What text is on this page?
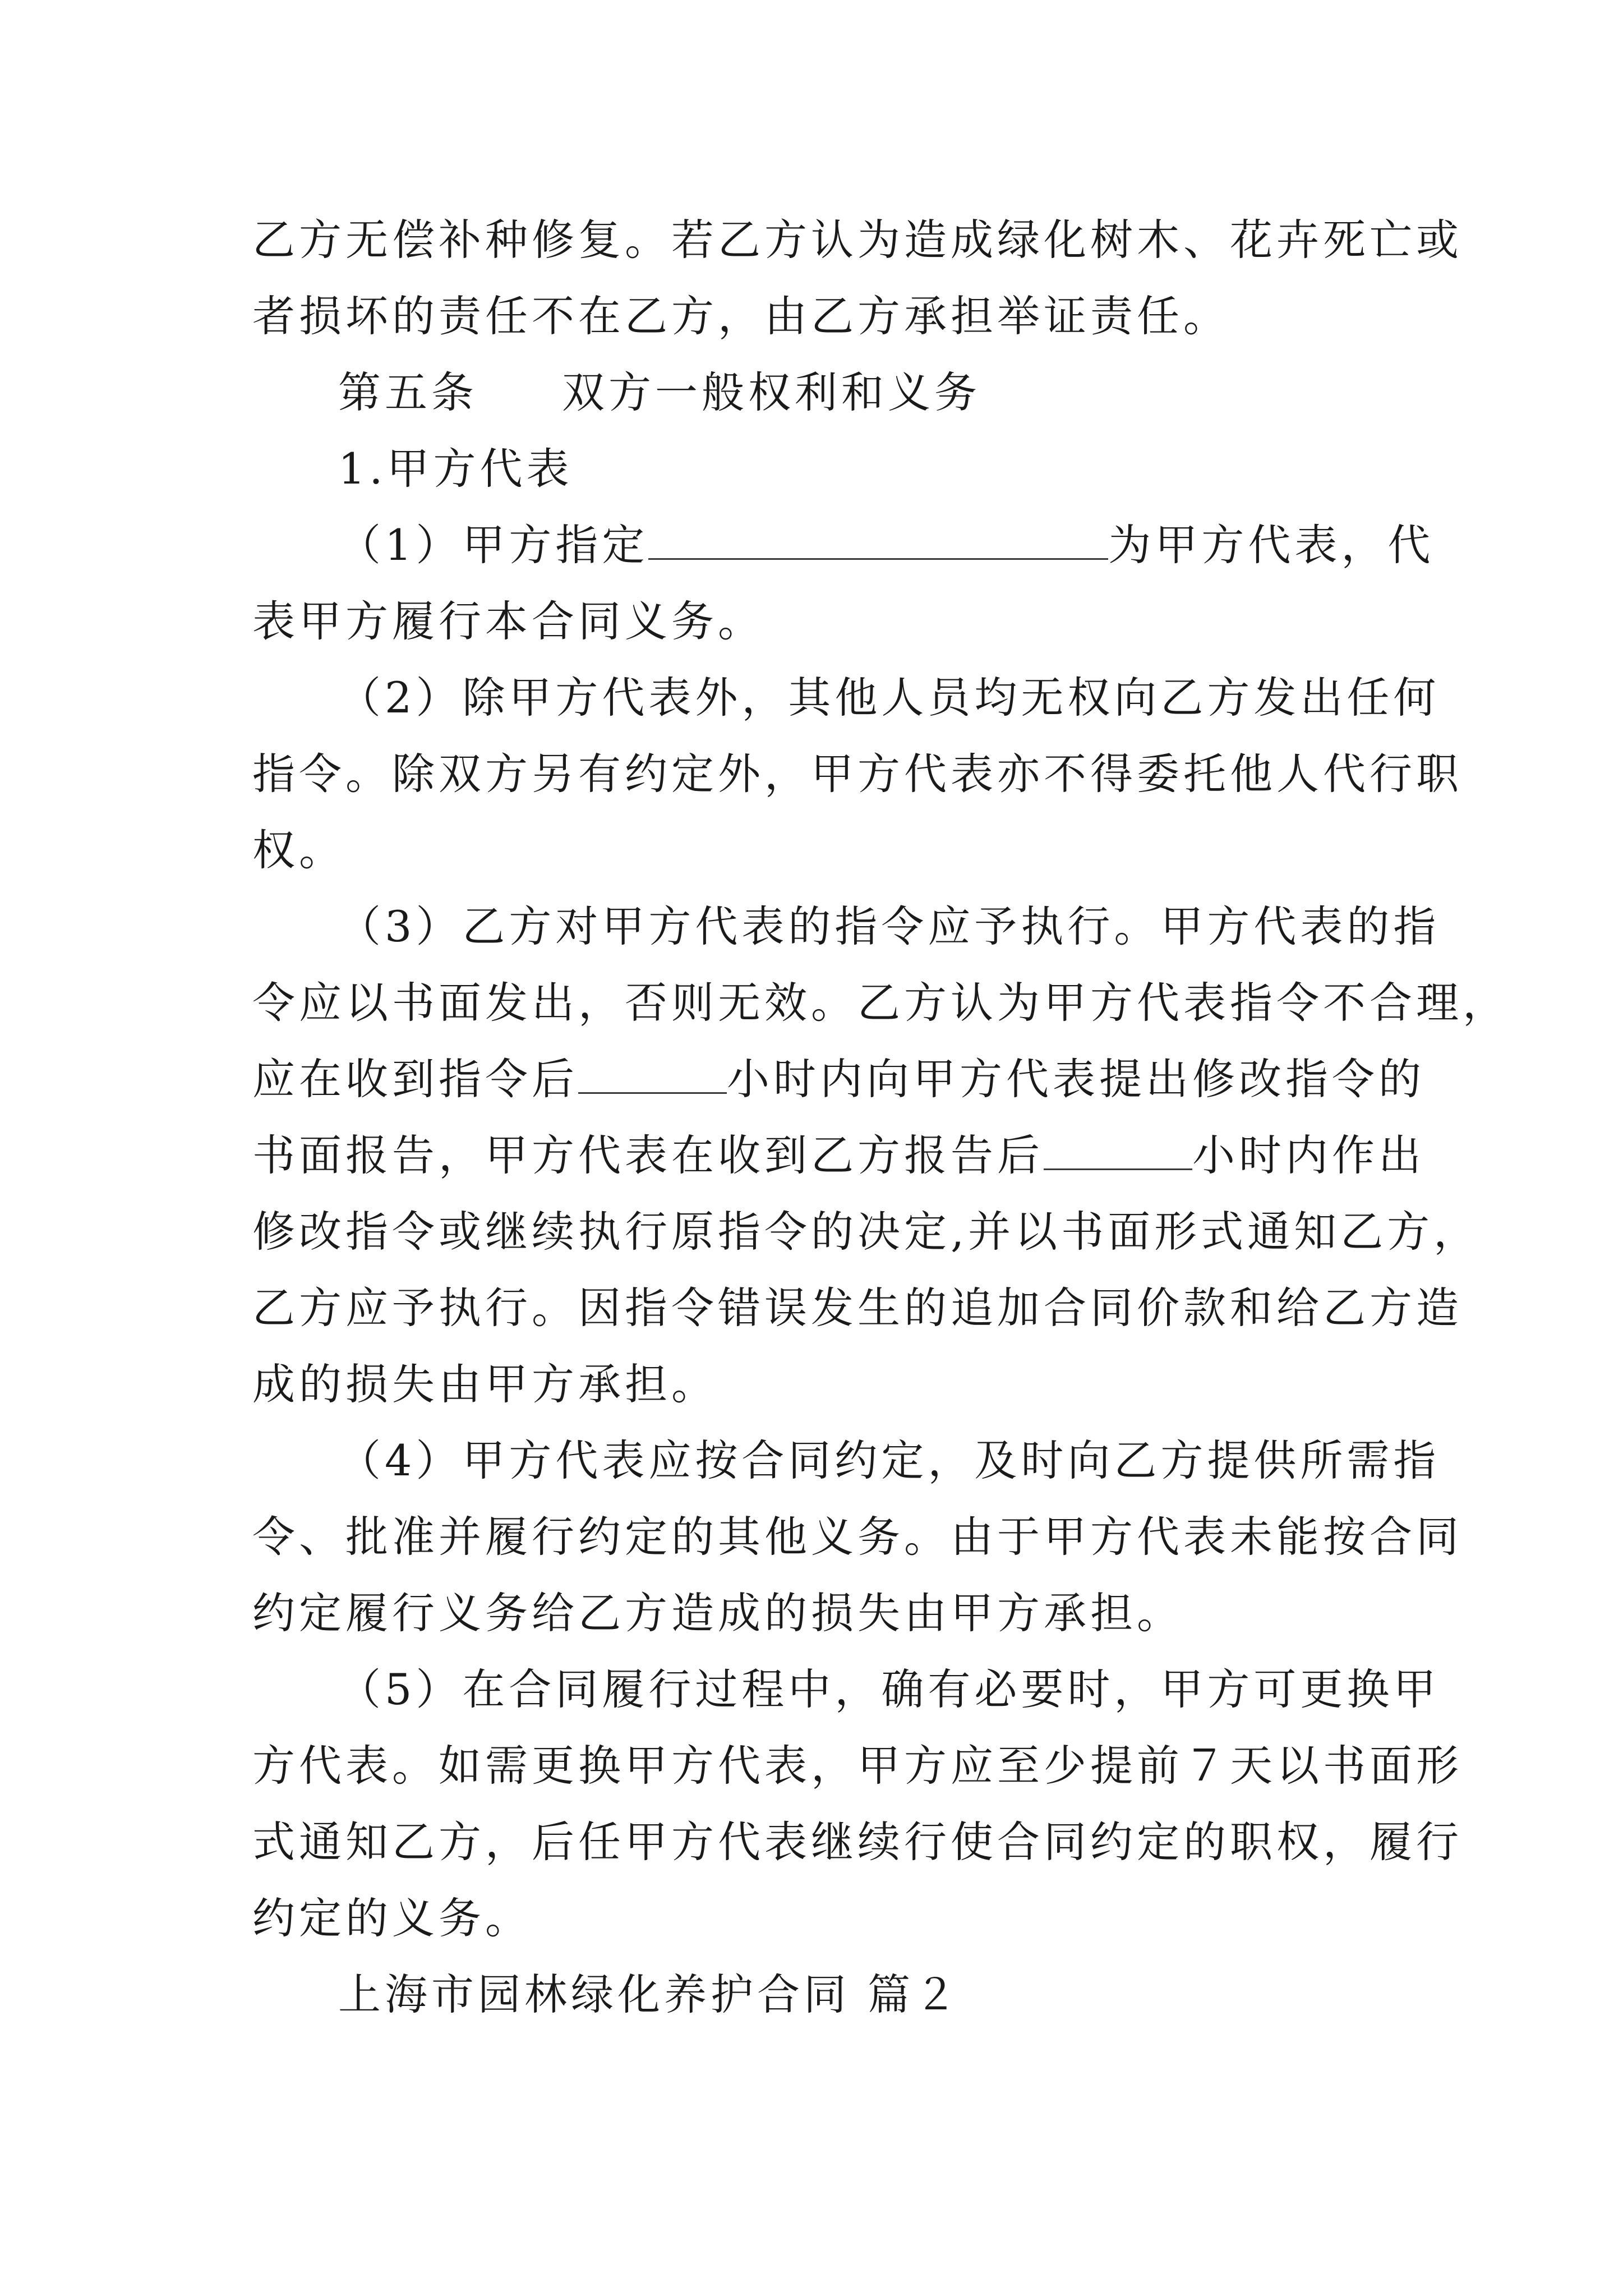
乙方无偿补种修复。若乙方认为造成绿化树木、花卉死亡或
者损坏的责任不在乙方，由乙方承担举证责任。
第五条 双方一般权利和义务
1.甲方代表
（1）甲方指定	为甲方代表，代
表甲方履行本合同义务。
（2）除甲方代表外，其他人员均无权向乙方发出任何
指令。除双方另有约定外，甲方代表亦不得委托他人代行职
权。
（3）乙方对甲方代表的指令应予执行。甲方代表的指
令应以书面发出，否则无效。乙方认为甲方代表指令不合理，
应在收到指令后	小时内向甲方代表提出修改指令的
书面报告，甲方代表在收到乙方报告后	小时内作出
修改指令或继续执行原指令的决定,并以书面形式通知乙方，
乙方应予执行。因指令错误发生的追加合同价款和给乙方造
成的损失由甲方承担。
（4）甲方代表应按合同约定，及时向乙方提供所需指
令、批准并履行约定的其他义务。由于甲方代表未能按合同
约定履行义务给乙方造成的损失由甲方承担。
（5）在合同履行过程中，确有必要时，甲方可更换甲
方代表。如需更换甲方代表，甲方应至少提前７天以书面形
式通知乙方，后任甲方代表继续行使合同约定的职权，履行
约定的义务。
上海市园林绿化养护合同 篇２
